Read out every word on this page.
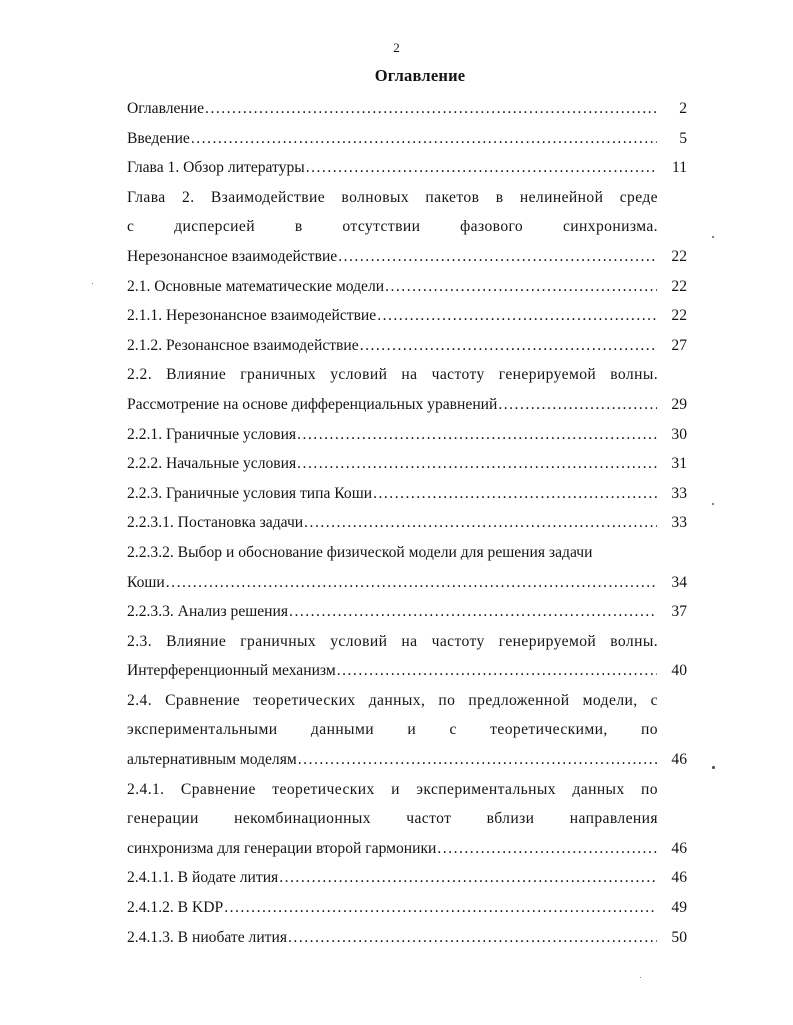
2
Оглавление
Оглавление .....	2
Введение .....	5
Глава 1. Обзор литературы .....	11
Глава 2. Взаимодействие волновых пакетов в нелинейной среде
с дисперсией в отсутствии фазового синхронизма.
Нерезонансное взаимодействие .....	22
2.1. Основные математические модели .....	22
2.1.1. Нерезонансное взаимодействие .....	22
2.1.2. Резонансное взаимодействие .....	27
2.2. Влияние граничных условий на частоту генерируемой волны.
Рассмотрение на основе дифференциальных уравнений .....	29
2.2.1. Граничные условия .....	30
2.2.2. Начальные условия .....	31
2.2.3. Граничные условия типа Коши .....	33
2.2.3.1. Постановка задачи .....	33
2.2.3.2. Выбор и обоснование физической модели для решения задачи
Коши .....	34
2.2.3.3. Анализ решения .....	37
2.3. Влияние граничных условий на частоту генерируемой волны.
Интерференционный механизм .....	40
2.4. Сравнение теоретических данных, по предложенной модели, с
экспериментальными данными и с теоретическими, по
альтернативным моделям .....	46
2.4.1. Сравнение теоретических и экспериментальных данных по
генерации некомбинационных частот вблизи направления
синхронизма для генерации второй гармоники .....	46
2.4.1.1. В йодате лития .....	46
2.4.1.2. В KDP .....	49
2.4.1.3. В ниобате лития .....	50
